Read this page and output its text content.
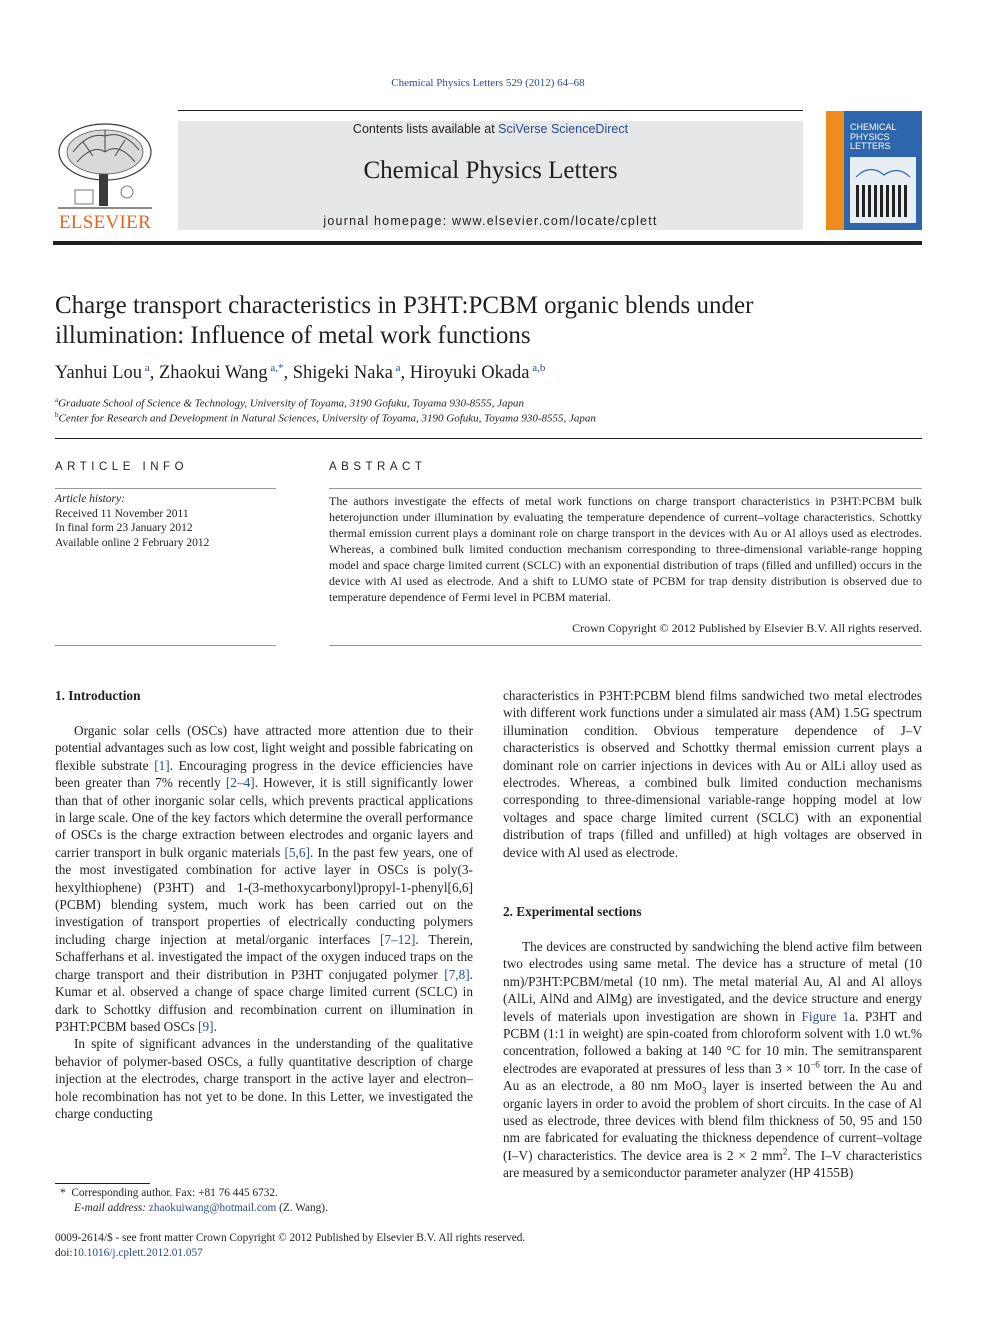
Chemical Physics Letters 529 (2012) 64–68
ELSEVIER
Contents lists available at SciVerse ScienceDirect
Chemical Physics Letters
journal homepage: www.elsevier.com/locate/cplett
CHEMICAL
PHYSICS
LETTERS
Charge transport characteristics in P3HT:PCBM organic blends under
illumination: Influence of metal work functions
Yanhui Lou $^a$, Zhaokui Wang $^{a,*}$, Shigeki Naka $^a$, Hiroyuki Okada $^{a,b}$
$^a$Graduate School of Science & Technology, University of Toyama, 3190 Gofuku, Toyama 930-8555, Japan
$^b$Center for Research and Development in Natural Sciences, University of Toyama, 3190 Gofuku, Toyama 930-8555, Japan
ARTICLE INFO
Article history:
Received 11 November 2011
In final form 23 January 2012
Available online 2 February 2012
ABSTRACT
The authors investigate the effects of metal work functions on charge transport characteristics in P3HT:PCBM bulk heterojunction under illumination by evaluating the temperature dependence of current–voltage characteristics. Schottky thermal emission current plays a dominant role on charge transport in the devices with Au or Al alloys used as electrodes. Whereas, a combined bulk limited conduction mechanism corresponding to three-dimensional variable-range hopping model and space charge limited current (SCLC) with an exponential distribution of traps (filled and unfilled) occurs in the device with Al used as electrode. And a shift to LUMO state of PCBM for trap density distribution is observed due to temperature dependence of Fermi level in PCBM material.
Crown Copyright © 2012 Published by Elsevier B.V. All rights reserved.
1. Introduction

Organic solar cells (OSCs) have attracted more attention due to their potential advantages such as low cost, light weight and possible fabricating on flexible substrate [1]. Encouraging progress in the device efficiencies have been greater than 7% recently [2–4]. However, it is still significantly lower than that of other inorganic solar cells, which prevents practical applications in large scale. One of the key factors which determine the overall performance of OSCs is the charge extraction between electrodes and organic layers and carrier transport in bulk organic materials [5,6]. In the past few years, one of the most investigated combination for active layer in OSCs is poly(3-hexylthiophene) (P3HT) and 1-(3-methoxycarbonyl)propyl-1-phenyl[6,6] (PCBM) blending system, much work has been carried out on the investigation of transport properties of electrically conducting polymers including charge injection at metal/organic interfaces [7–12]. Therein, Schafferhans et al. investigated the impact of the oxygen induced traps on the charge transport and their distribution in P3HT conjugated polymer [7,8]. Kumar et al. observed a change of space charge limited current (SCLC) in dark to Schottky diffusion and recombination current on illumination in P3HT:PCBM based OSCs [9].

In spite of significant advances in the understanding of the qualitative behavior of polymer-based OSCs, a fully quantitative description of charge injection at the electrodes, charge transport in the active layer and electron–hole recombination has not yet to be done. In this Letter, we investigated the charge conducting

characteristics in P3HT:PCBM blend films sandwiched two metal electrodes with different work functions under a simulated air mass (AM) 1.5G spectrum illumination condition. Obvious temperature dependence of J–V characteristics is observed and Schottky thermal emission current plays a dominant role on carrier injections in devices with Au or AlLi alloy used as electrodes. Whereas, a combined bulk limited conduction mechanisms corresponding to three-dimensional variable-range hopping model at low voltages and space charge limited current (SCLC) with an exponential distribution of traps (filled and unfilled) at high voltages are observed in device with Al used as electrode.
2. Experimental sections

The devices are constructed by sandwiching the blend active film between two electrodes using same metal. The device has a structure of metal (10 nm)/P3HT:PCBM/metal (10 nm). The metal material Au, Al and Al alloys (AlLi, AlNd and AlMg) are investigated, and the device structure and energy levels of materials upon investigation are shown in Figure 1a. P3HT and PCBM (1:1 in weight) are spin-coated from chloroform solvent with 1.0 wt.% concentration, followed a baking at 140 °C for 10 min. The semitransparent electrodes are evaporated at pressures of less than $3 \times 10^{-6}$ torr. In the case of Au as an electrode, a 80 nm MoO$_3$ layer is inserted between the Au and organic layers in order to avoid the problem of short circuits. In the case of Al used as electrode, three devices with blend film thickness of 50, 95 and 150 nm are fabricated for evaluating the thickness dependence of current–voltage (I–V) characteristics. The device area is 2 × 2 $mm^2$. The I–V characteristics are measured by a semiconductor parameter analyzer (HP 4155B)

* Corresponding author. Fax: +81 76 445 6732.
E-mail address: zhaokuiwang@hotmail.com (Z. Wang).
0009-2614/$ - see front matter Crown Copyright © 2012 Published by Elsevier B.V. All rights reserved.
doi:10.1016/j.cplett.2012.01.057
